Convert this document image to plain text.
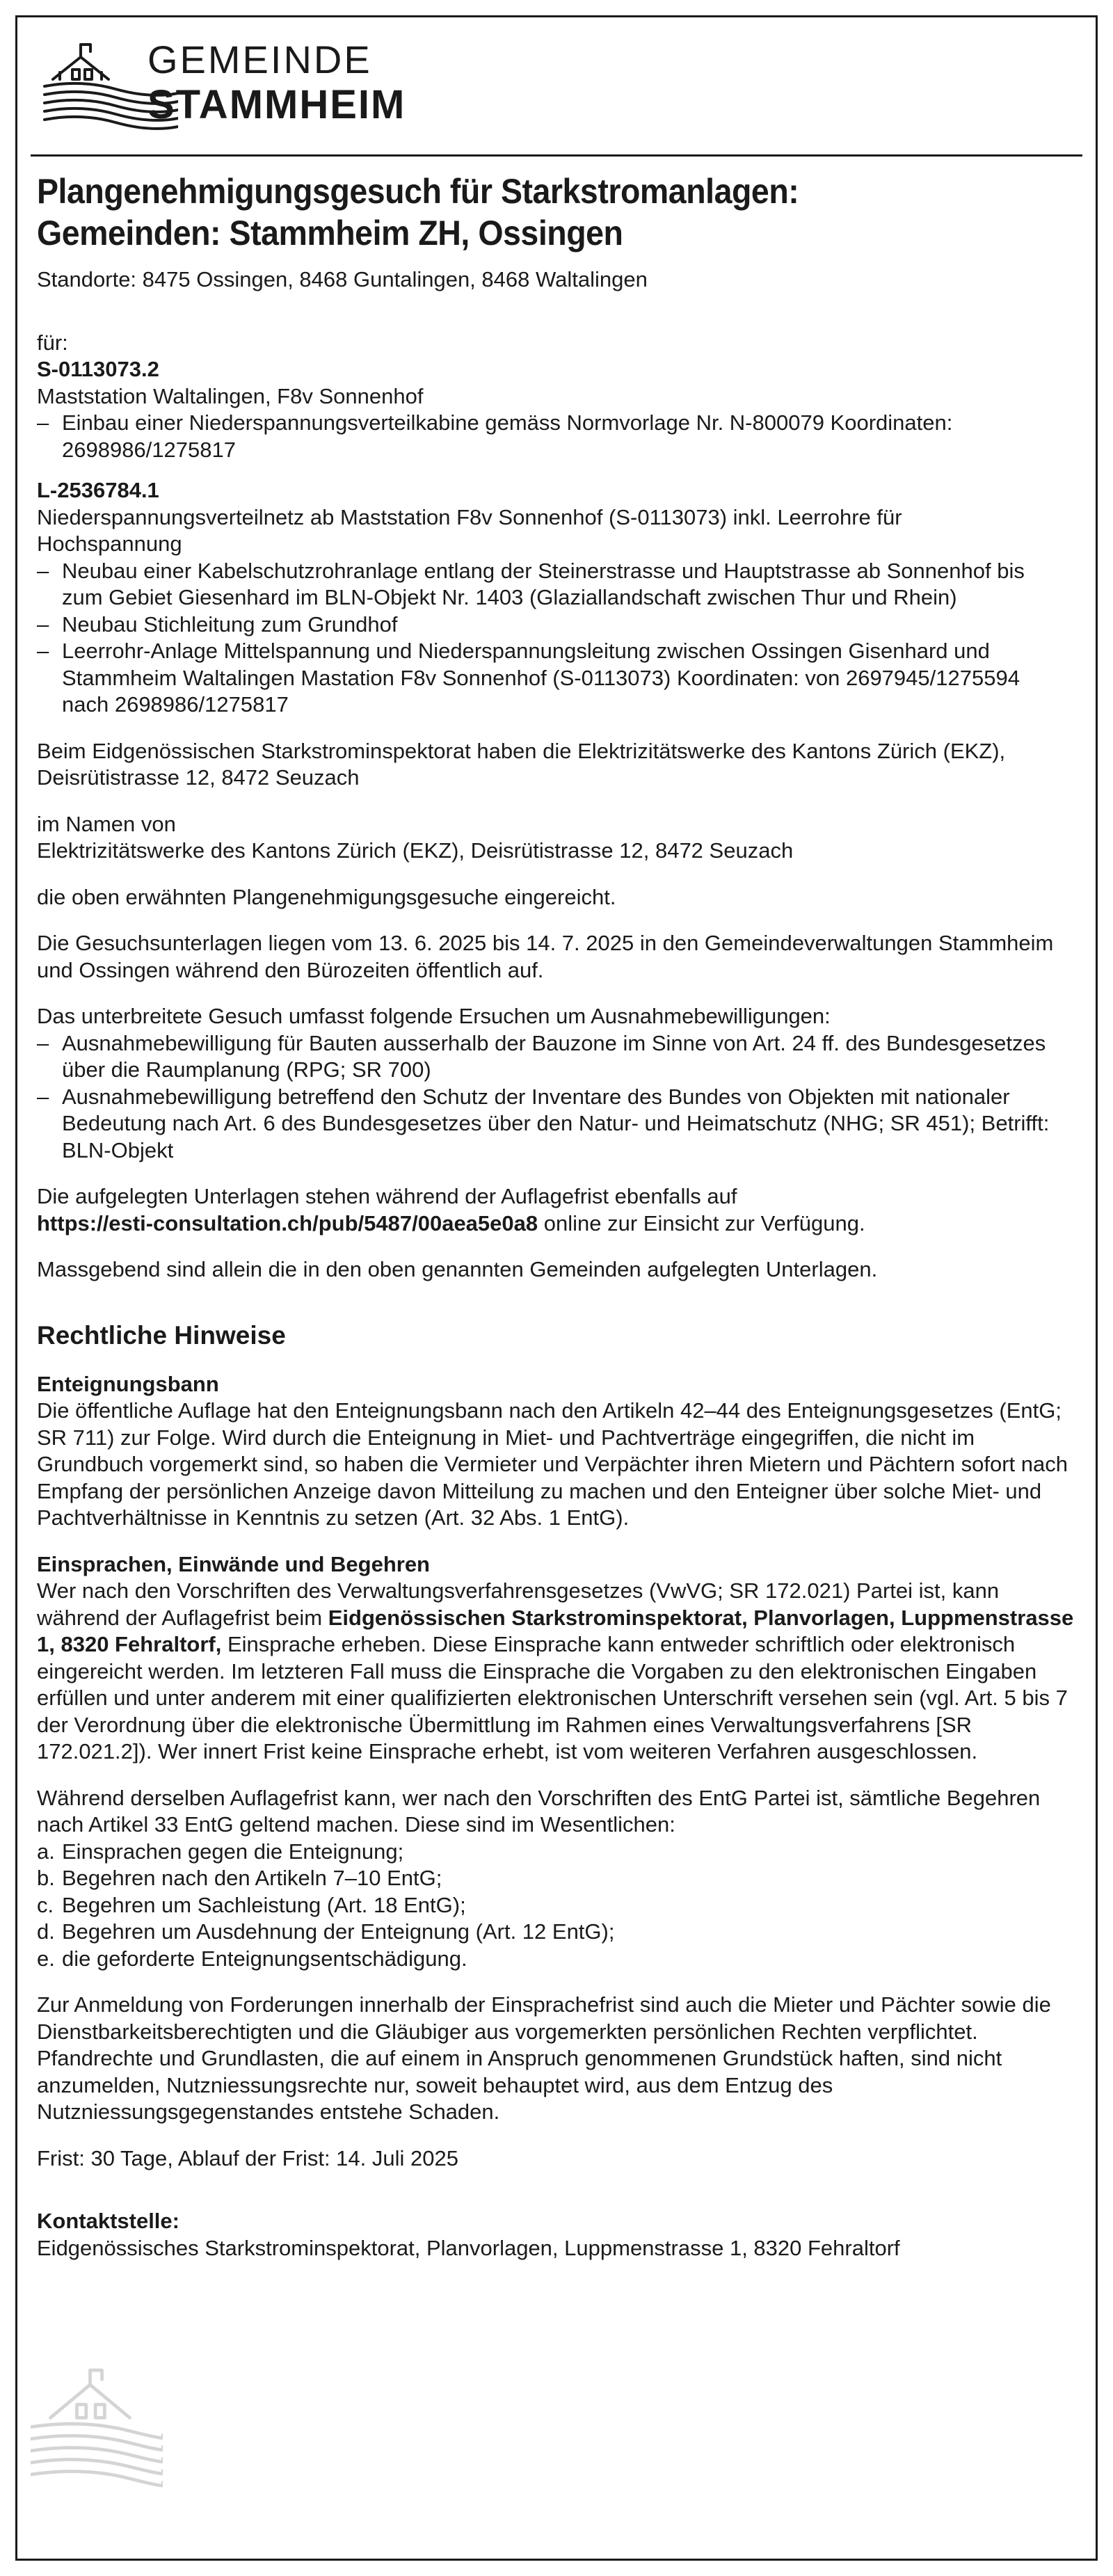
GEMEINDE
STAMMHEIM
Plangenehmigungsgesuch für Starkstromanlagen:
Gemeinden: Stammheim ZH, Ossingen

Standorte: 8475 Ossingen, 8468 Guntalingen, 8468 Waltalingen

für:

S-0113073.2

Maststation Waltalingen, F8v Sonnenhof

– Einbau einer Niederspannungsverteilkabine gemäss Normvorlage Nr. N-800079 Koordinaten: 2698986/1275817

L-2536784.1

Niederspannungsverteilnetz ab Maststation F8v Sonnenhof (S-0113073) inkl. Leerrohre für Hochspannung

– Neubau einer Kabelschutzrohranlage entlang der Steinerstrasse und Hauptstrasse ab Sonnenhof bis zum Gebiet Giesenhard im BLN-Objekt Nr. 1403 (Glaziallandschaft zwischen Thur und Rhein)
– Neubau Stichleitung zum Grundhof
– Leerrohr-Anlage Mittelspannung und Niederspannungsleitung zwischen Ossingen Gisenhard und Stammheim Waltalingen Mastation F8v Sonnenhof (S-0113073) Koordinaten: von 2697945/1275594 nach 2698986/1275817

Beim Eidgenössischen Starkstrominspektorat haben die Elektrizitätswerke des Kantons Zürich (EKZ), Deisrütistrasse 12, 8472 Seuzach

im Namen von

Elektrizitätswerke des Kantons Zürich (EKZ), Deisrütistrasse 12, 8472 Seuzach

die oben erwähnten Plangenehmigungsgesuche eingereicht.

Die Gesuchsunterlagen liegen vom 13. 6. 2025 bis 14. 7. 2025 in den Gemeindeverwaltungen Stammheim und Ossingen während den Bürozeiten öffentlich auf.

Das unterbreitete Gesuch umfasst folgende Ersuchen um Ausnahmebewilligungen:

– Ausnahmebewilligung für Bauten ausserhalb der Bauzone im Sinne von Art. 24 ff. des Bundesgesetzes über die Raumplanung (RPG; SR 700)
– Ausnahmebewilligung betreffend den Schutz der Inventare des Bundes von Objekten mit nationaler Bedeutung nach Art. 6 des Bundesgesetzes über den Natur- und Heimatschutz (NHG; SR 451); Betrifft: BLN-Objekt

Die aufgelegten Unterlagen stehen während der Auflagefrist ebenfalls auf
https://esti-consultation.ch/pub/5487/00aea5e0a8 online zur Einsicht zur Verfügung.

Massgebend sind allein die in den oben genannten Gemeinden aufgelegten Unterlagen.

Rechtliche Hinweise

Enteignungsbann

Die öffentliche Auflage hat den Enteignungsbann nach den Artikeln 42–44 des Enteignungsgesetzes (EntG; SR 711) zur Folge. Wird durch die Enteignung in Miet- und Pachtverträge eingegriffen, die nicht im Grundbuch vorgemerkt sind, so haben die Vermieter und Verpächter ihren Mietern und Pächtern sofort nach Empfang der persönlichen Anzeige davon Mitteilung zu machen und den Enteigner über solche Miet- und Pachtverhältnisse in Kenntnis zu setzen (Art. 32 Abs. 1 EntG).

Einsprachen, Einwände und Begehren

Wer nach den Vorschriften des Verwaltungsverfahrensgesetzes (VwVG; SR 172.021) Partei ist, kann während der Auflagefrist beim Eidgenössischen Starkstrominspektorat, Planvorlagen, Luppmenstrasse 1, 8320 Fehraltorf, Einsprache erheben. Diese Einsprache kann entweder schriftlich oder elektronisch eingereicht werden. Im letzteren Fall muss die Einsprache die Vorgaben zu den elektronischen Eingaben erfüllen und unter anderem mit einer qualifizierten elektronischen Unterschrift versehen sein (vgl. Art. 5 bis 7 der Verordnung über die elektronische Übermittlung im Rahmen eines Verwaltungsverfahrens [SR 172.021.2]). Wer innert Frist keine Einsprache erhebt, ist vom weiteren Verfahren ausgeschlossen.

Während derselben Auflagefrist kann, wer nach den Vorschriften des EntG Partei ist, sämtliche Begehren nach Artikel 33 EntG geltend machen. Diese sind im Wesentlichen:

a. Einsprachen gegen die Enteignung;
b. Begehren nach den Artikeln 7–10 EntG;
c. Begehren um Sachleistung (Art. 18 EntG);
d. Begehren um Ausdehnung der Enteignung (Art. 12 EntG);
e. die geforderte Enteignungsentschädigung.

Zur Anmeldung von Forderungen innerhalb der Einsprachefrist sind auch die Mieter und Pächter sowie die Dienstbarkeitsberechtigten und die Gläubiger aus vorgemerkten persönlichen Rechten verpflichtet. Pfandrechte und Grundlasten, die auf einem in Anspruch genommenen Grundstück haften, sind nicht anzumelden, Nutzniessungsrechte nur, soweit behauptet wird, aus dem Entzug des Nutzniessungsgegenstandes entstehe Schaden.

Frist: 30 Tage, Ablauf der Frist: 14. Juli 2025

Kontaktstelle:

Eidgenössisches Starkstrominspektorat, Planvorlagen, Luppmenstrasse 1, 8320 Fehraltorf
